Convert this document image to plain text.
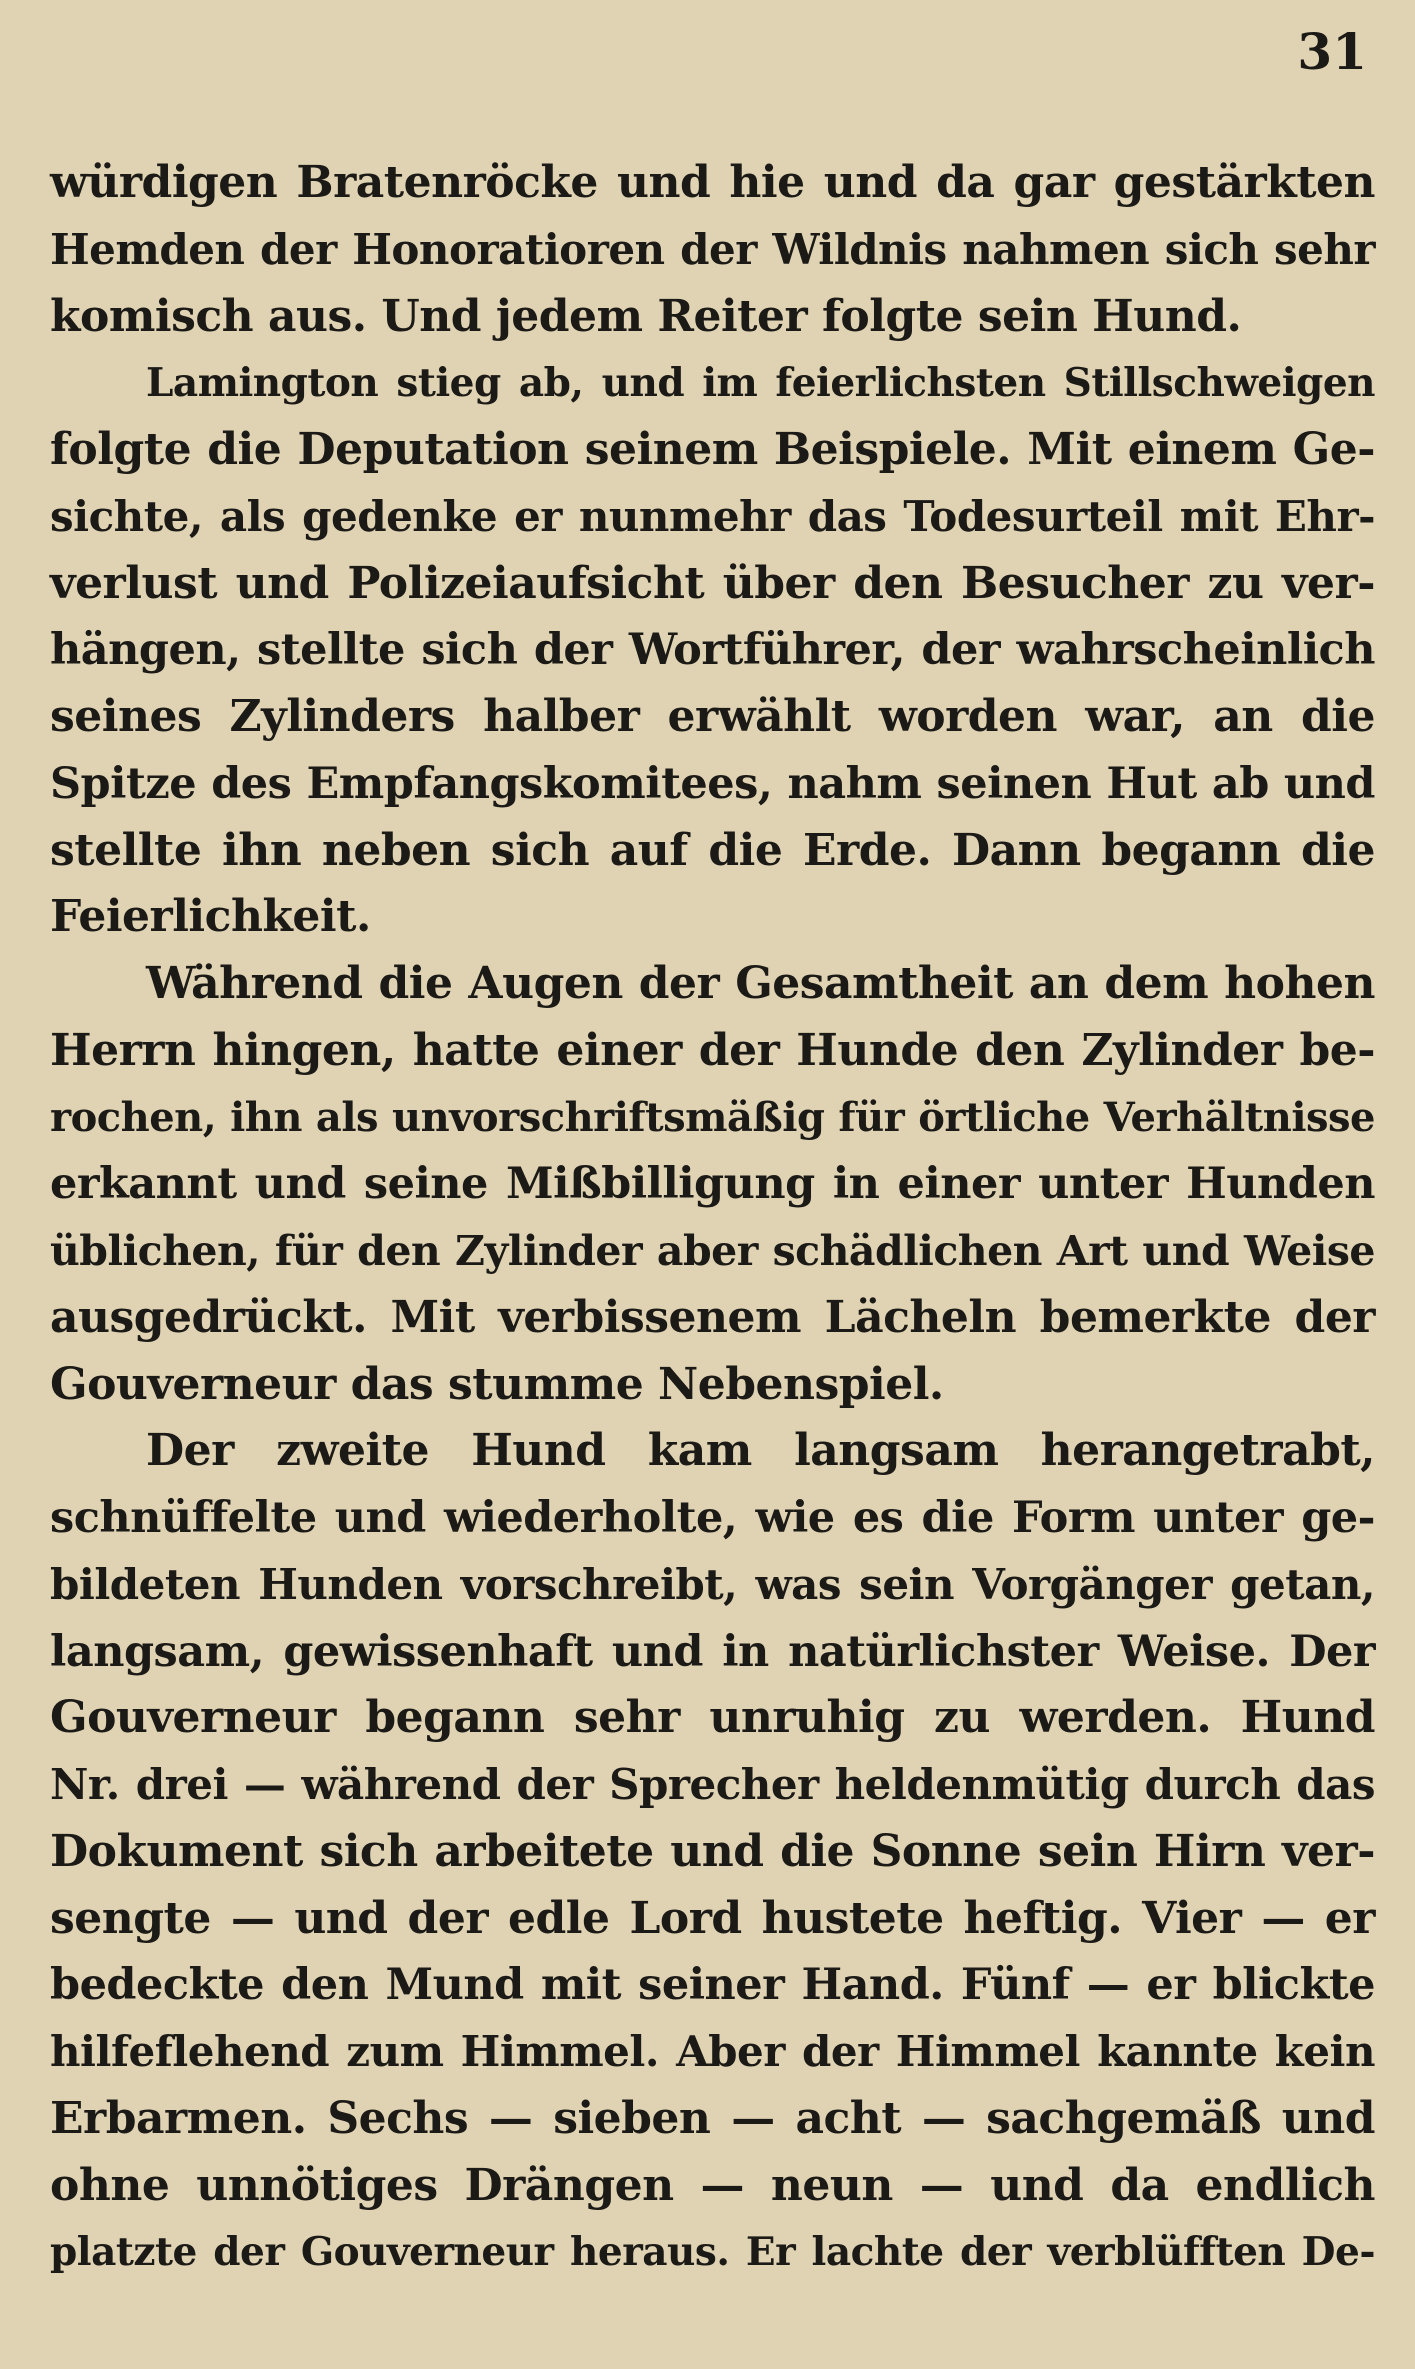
31
würdigen Bratenröcke und hie und da gar gestärkten
Hemden der Honoratioren der Wildnis nahmen sich sehr
komisch aus. Und jedem Reiter folgte sein Hund.
Lamington stieg ab, und im feierlichsten Stillschweigen
folgte die Deputation seinem Beispiele. Mit einem Ge-
sichte, als gedenke er nunmehr das Todesurteil mit Ehr-
verlust und Polizeiaufsicht über den Besucher zu ver-
hängen, stellte sich der Wortführer, der wahrscheinlich
seines Zylinders halber erwählt worden war, an die
Spitze des Empfangskomitees, nahm seinen Hut ab und
stellte ihn neben sich auf die Erde. Dann begann die
Feierlichkeit.
Während die Augen der Gesamtheit an dem hohen
Herrn hingen, hatte einer der Hunde den Zylinder be-
rochen, ihn als unvorschriftsmäßig für örtliche Verhältnisse
erkannt und seine Mißbilligung in einer unter Hunden
üblichen, für den Zylinder aber schädlichen Art und Weise
ausgedrückt. Mit verbissenem Lächeln bemerkte der
Gouverneur das stumme Nebenspiel.
Der zweite Hund kam langsam herangetrabt,
schnüffelte und wiederholte, wie es die Form unter ge-
bildeten Hunden vorschreibt, was sein Vorgänger getan,
langsam, gewissenhaft und in natürlichster Weise. Der
Gouverneur begann sehr unruhig zu werden. Hund
Nr. drei — während der Sprecher heldenmütig durch das
Dokument sich arbeitete und die Sonne sein Hirn ver-
sengte — und der edle Lord hustete heftig. Vier — er
bedeckte den Mund mit seiner Hand. Fünf — er blickte
hilfeflehend zum Himmel. Aber der Himmel kannte kein
Erbarmen. Sechs — sieben — acht — sachgemäß und
ohne unnötiges Drängen — neun — und da endlich
platzte der Gouverneur heraus. Er lachte der verblüfften De-
